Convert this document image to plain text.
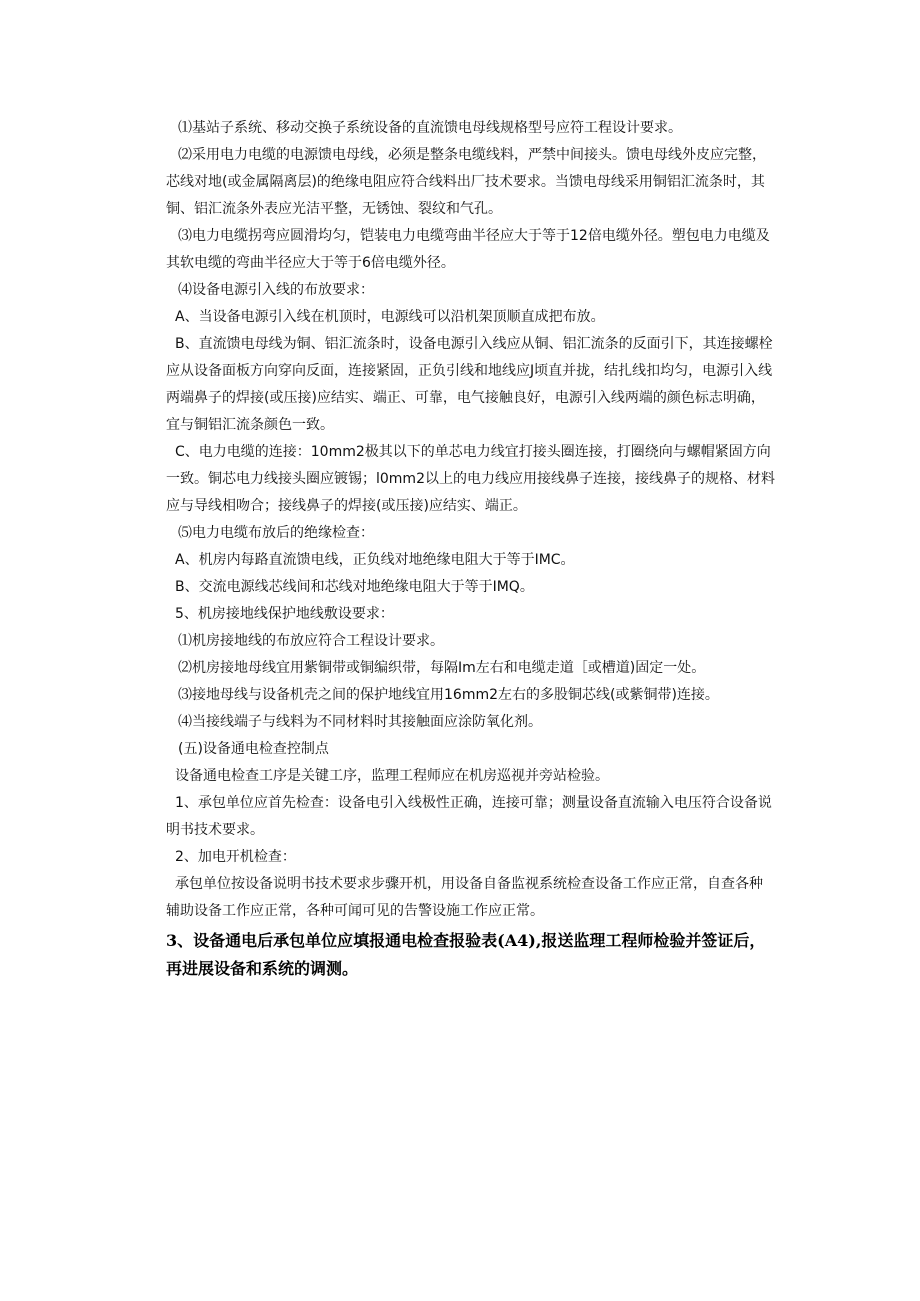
⑴基站子系统、移动交换子系统设备的直流馈电母线规格型号应符工程设计要求。

⑵采用电力电缆的电源馈电母线，必须是整条电缆线料，严禁中间接头。馈电母线外皮应完整，芯线对地(或金属隔离层)的绝缘电阻应符合线料出厂技术要求。当馈电母线采用铜铝汇流条时，其铜、铝汇流条外表应光洁平整，无锈蚀、裂纹和气孔。

⑶电力电缆拐弯应圆滑均匀，铠装电力电缆弯曲半径应大于等于12倍电缆外径。塑包电力电缆及其软电缆的弯曲半径应大于等于6倍电缆外径。

⑷设备电源引入线的布放要求：

A、当设备电源引入线在机顶时，电源线可以沿机架顶顺直成把布放。

B、直流馈电母线为铜、铝汇流条时，设备电源引入线应从铜、铝汇流条的反面引下，其连接螺栓应从设备面板方向穿向反面，连接紧固，正负引线和地线应J顷直并拢，结扎线扣均匀，电源引入线两端鼻子的焊接(或压接)应结实、端正、可靠，电气接触良好，电源引入线两端的颜色标志明确，宜与铜铝汇流条颜色一致。

C、电力电缆的连接：10mm2极其以下的单芯电力线宜打接头圈连接，打圈绕向与螺帽紧固方向一致。铜芯电力线接头圈应镀锡；l0mm2以上的电力线应用接线鼻子连接，接线鼻子的规格、材料应与导线相吻合；接线鼻子的焊接(或压接)应结实、端正。

⑸电力电缆布放后的绝缘检查：

A、机房内每路直流馈电线，正负线对地绝缘电阻大于等于IMC。

B、交流电源线芯线间和芯线对地绝缘电阻大于等于IMQ。

5、机房接地线保护地线敷设要求：

⑴机房接地线的布放应符合工程设计要求。

⑵机房接地母线宜用紫铜带或铜编织带，每隔Im左右和电缆走道［或槽道)固定一处。

⑶接地母线与设备机壳之间的保护地线宜用16mm2左右的多股铜芯线(或紫铜带)连接。

⑷当接线端子与线料为不同材料时其接触面应涂防氧化剂。

(五)设备通电检查控制点

设备通电检查工序是关键工序，监理工程师应在机房巡视并旁站检验。

1、承包单位应首先检查：设备电引入线极性正确，连接可靠；测量设备直流输入电压符合设备说明书技术要求。

2、加电开机检查：

承包单位按设备说明书技术要求步骤开机，用设备自备监视系统检查设备工作应正常，自查各种辅助设备工作应正常，各种可闻可见的告警设施工作应正常。

3、设备通电后承包单位应填报通电检查报验表(A4),报送监理工程师检验并签证后，再进展设备和系统的调测。
